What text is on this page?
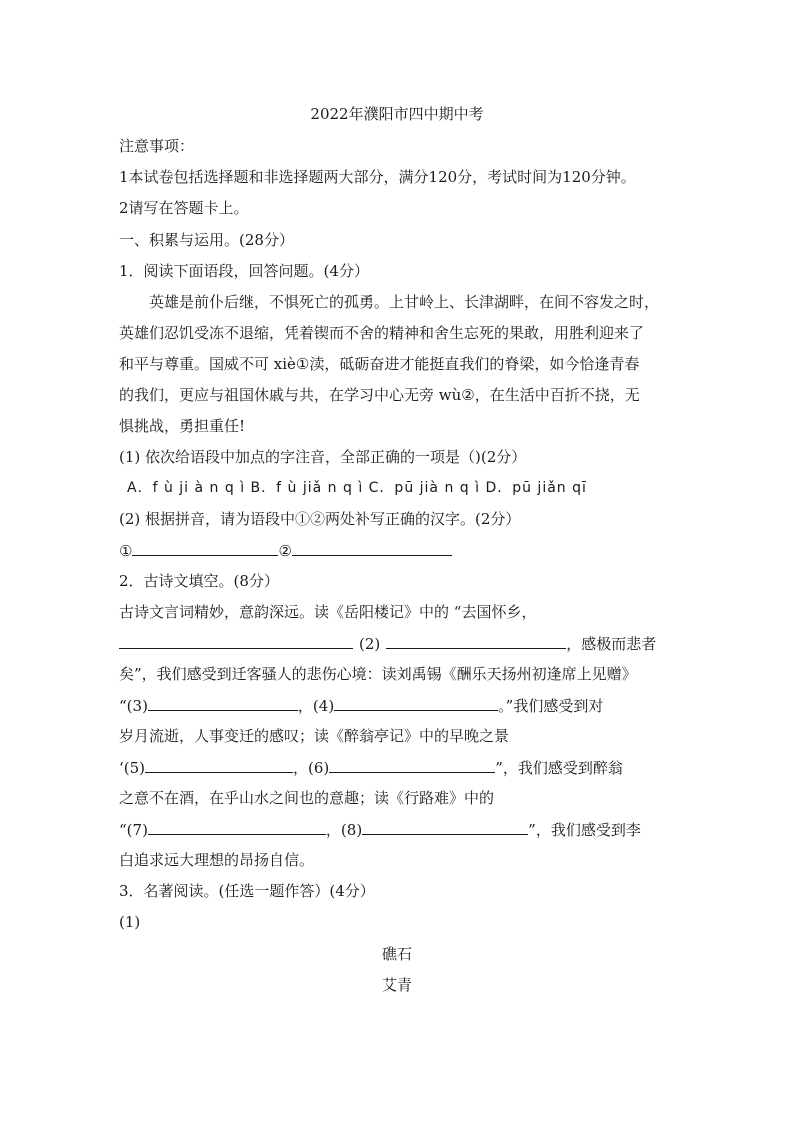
2022年濮阳市四中期中考
注意事项：
1本试卷包括选择题和非选择题两大部分，满分120分，考试时间为120分钟。
2请写在答题卡上。
一、积累与运用。(28分）
1．阅读下面语段，回答问题。(4分）
英雄是前仆后继，不惧死亡的孤勇。上甘岭上、长津湖畔，在间不容发之时，
英雄们忍饥受冻不退缩，凭着锲而不舍的精神和舍生忘死的果敢，用胜利迎来了
和平与尊重。国威不可 xiè①渎，砥砺奋进才能挺直我们的脊梁，如今恰逢青春
的我们，更应与祖国休戚与共，在学习中心无旁 wù②，在生活中百折不挠，无
惧挑战，勇担重任!
(1) 依次给语段中加点的字注音，全部正确的一项是（)(2分）
A．f ù ji à n q ì B．f ù jiǎ n q ì C．pū jià n q ì D．pū jiǎn qī
(2) 根据拼音，请为语段中①②两处补写正确的汉字。(2分）
①	②
2．古诗文填空。(8分）
古诗文言词精妙，意韵深远。读《岳阳楼记》中的 “去国怀乡，
(2)	，感极而悲者
矣”，我们感受到迁客骚人的悲伤心境：读刘禹锡《酬乐天扬州初逢席上见赠》
“(3)	，(4)	。”我们感受到对
岁月流逝，人事变迁的感叹；读《醉翁亭记》中的早晚之景
‘(5)	，(6)	”，我们感受到醉翁
之意不在酒，在乎山水之间也的意趣；读《行路难》中的
“(7)	，(8)	”，我们感受到李
白追求远大理想的昂扬自信。
3．名著阅读。(任选一题作答）(4分）
(1)
礁石
艾青
